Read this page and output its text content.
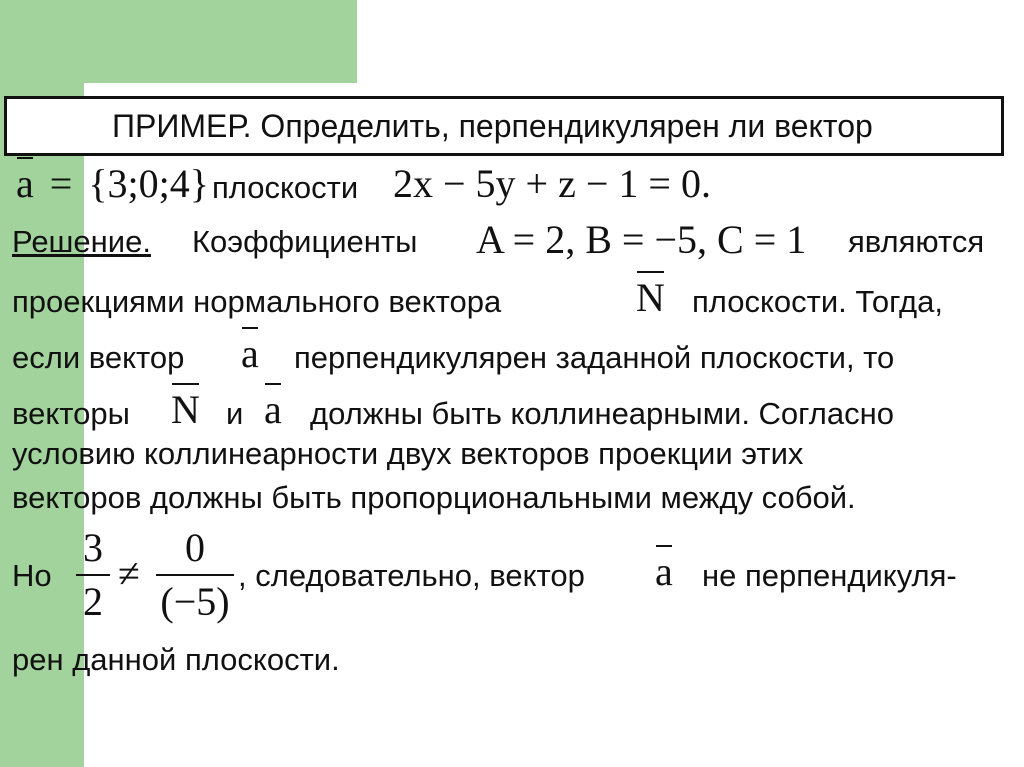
ПРИМЕР. Определить, перпендикулярен ли вектор
a = {3;0;4} плоскости 2x − 5y + z − 1 = 0.
Решение. Коэффициенты A = 2, B = −5, C = 1 являются
проекциями нормального вектора	N плоскости. Тогда,
если вектор a перпендикулярен заданной плоскости, то
векторы N и a должны быть коллинеарными. Согласно
условию коллинеарности двух векторов проекции этих
векторов должны быть пропорциональными между собой.
Но
3
2
≠
0
(−5)
, следовательно, вектор a не перпендикуля-
рен данной плоскости.
